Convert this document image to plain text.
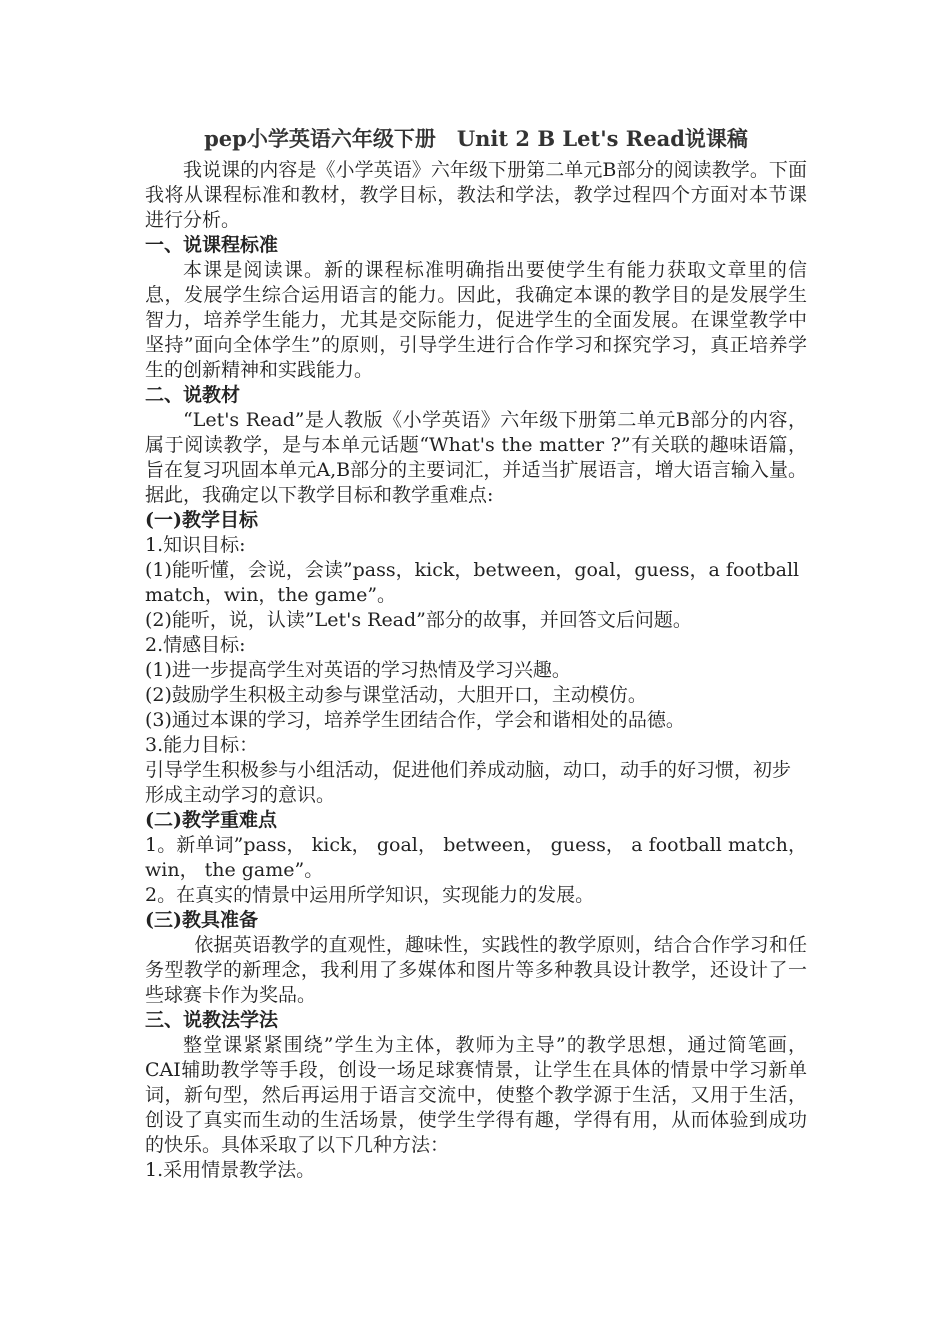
pep小学英语六年级下册　Unit 2 B Let's Read说课稿

我说课的内容是《小学英语》六年级下册第二单元B部分的阅读教学。下面我将从课程标准和教材，教学目标，教法和学法，教学过程四个方面对本节课进行分析。

一、说课程标准

本课是阅读课。新的课程标准明确指出要使学生有能力获取文章里的信息，发展学生综合运用语言的能力。因此，我确定本课的教学目的是发展学生智力，培养学生能力，尤其是交际能力，促进学生的全面发展。在课堂教学中坚持”面向全体学生”的原则，引导学生进行合作学习和探究学习，真正培养学生的创新精神和实践能力。

二、说教材

“Let's Read”是人教版《小学英语》六年级下册第二单元B部分的内容，属于阅读教学，是与本单元话题“What's the matter ?”有关联的趣味语篇，旨在复习巩固本单元A,B部分的主要词汇，并适当扩展语言，增大语言输入量。据此，我确定以下教学目标和教学重难点:

(一)教学目标

1.知识目标:

(1)能听懂，会说，会读”pass，kick，between，goal，guess，a football match，win，the game”。

(2)能听，说，认读”Let's Read”部分的故事，并回答文后问题。

2.情感目标:

(1)进一步提高学生对英语的学习热情及学习兴趣。

(2)鼓励学生积极主动参与课堂活动，大胆开口，主动模仿。

(3)通过本课的学习，培养学生团结合作，学会和谐相处的品德。

3.能力目标：

引导学生积极参与小组活动，促进他们养成动脑，动口，动手的好习惯，初步形成主动学习的意识。

(二)教学重难点

1。新单词”pass， kick， goal， between， guess， a football match， win， the game”。

2。在真实的情景中运用所学知识，实现能力的发展。

(三)教具准备

依据英语教学的直观性，趣味性，实践性的教学原则，结合合作学习和任务型教学的新理念，我利用了多媒体和图片等多种教具设计教学，还设计了一些球赛卡作为奖品。

三、说教法学法

整堂课紧紧围绕”学生为主体，教师为主导”的教学思想，通过简笔画，CAI辅助教学等手段，创设一场足球赛情景，让学生在具体的情景中学习新单词，新句型，然后再运用于语言交流中，使整个教学源于生活，又用于生活，创设了真实而生动的生活场景，使学生学得有趣，学得有用，从而体验到成功的快乐。具体采取了以下几种方法：

1.采用情景教学法。
